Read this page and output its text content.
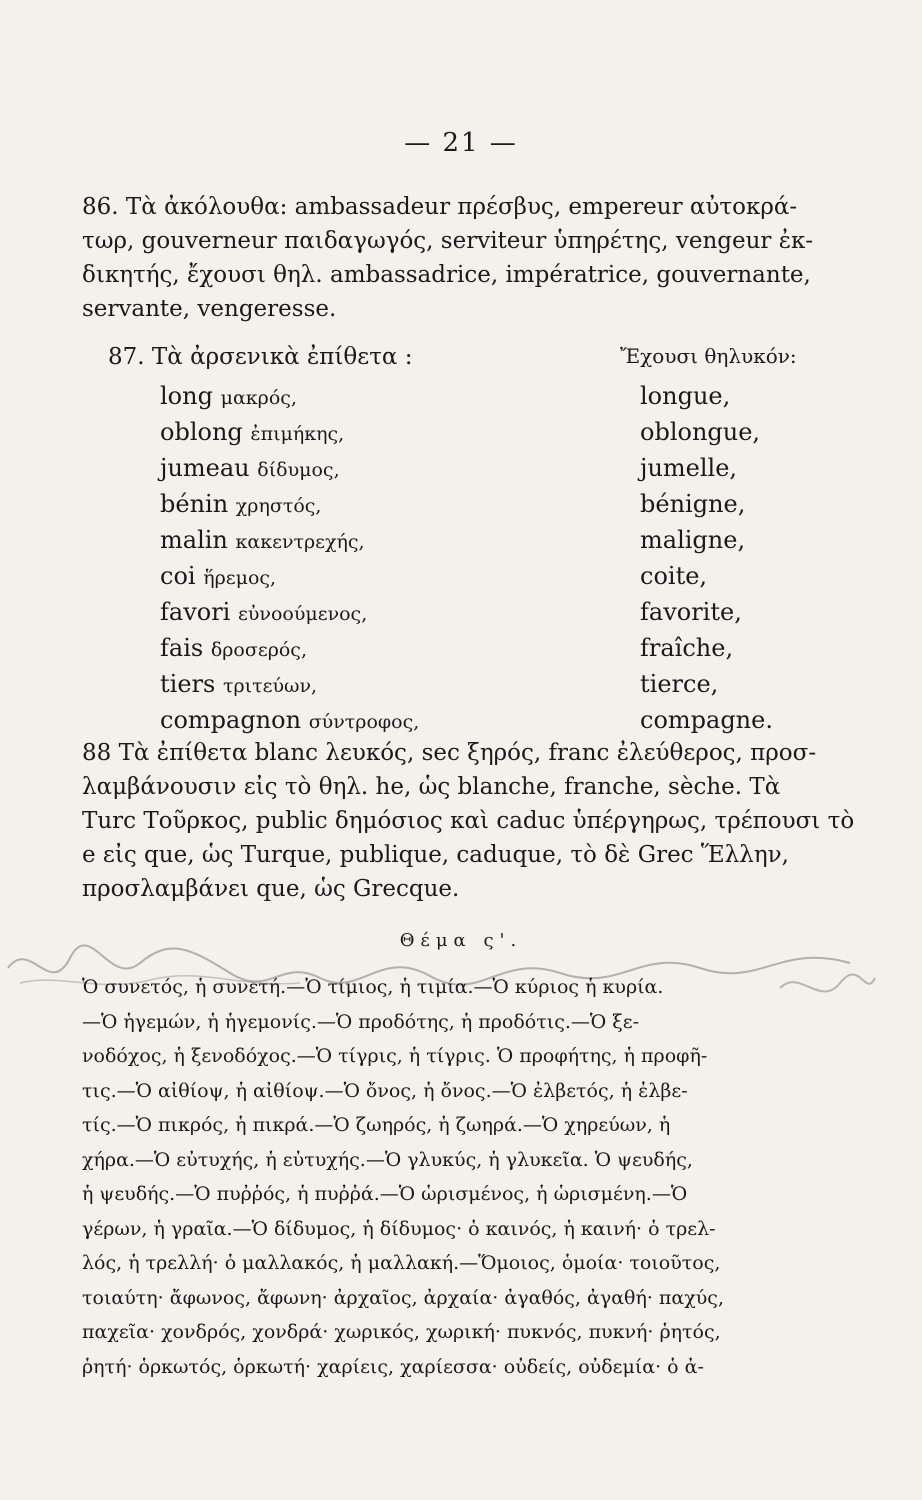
— 21 —
86. Τὰ ἀκόλουθα: ambassadeur πρέσβυς, empereur αὐτοκρά-
τωρ, gouverneur παιδαγωγός, serviteur ὑπηρέτης, vengeur ἐκ-
δικητής, ἔχουσι θηλ. ambassadrice, impératrice, gouvernante,
servante, vengeresse.
87. Τὰ ἀρσενικὰ ἐπίθετα :	Ἔχουσι θηλυκόν:
long μακρός,
oblong ἐπιμήκης,
jumeau δίδυμος,
bénin χρηστός,
malin κακεντρεχής,
coi ἥρεμος,
favori εὐνοούμενος,
fais δροσερός,
tiers τριτεύων,
compagnon σύντροφος,
longue,
oblongue,
jumelle,
bénigne,
maligne,
coite,
favorite,
fraîche,
tierce,
compagne.
88 Τὰ ἐπίθετα blanc λευκός, sec ξηρός, franc ἐλεύθερος, προσ-
λαμβάνουσιν εἰς τὸ θηλ. he, ὡς blanche, franche, sèche. Τὰ
Turc Τοῦρκος, public δημόσιος καὶ caduc ὑπέργηρως, τρέπουσι τὸ
e εἰς que, ὡς Turque, publique, caduque, τὸ δὲ Grec Ἕλλην,
προσλαμβάνει que, ὡς Grecque.
Θέμα ς'.
Ὁ συνετός, ἡ συνετή.—Ὁ τίμιος, ἡ τιμία.—Ὁ κύριος ἡ κυρία.
—Ὁ ἡγεμών, ἡ ἡγεμονίς.—Ὁ προδότης, ἡ προδότις.—Ὁ ξε-
νοδόχος, ἡ ξενοδόχος.—Ὁ τίγρις, ἡ τίγρις. Ὁ προφήτης, ἡ προφῆ-
τις.—Ὁ αἰθίοψ, ἡ αἰθίοψ.—Ὁ ὄνος, ἡ ὄνος.—Ὁ ἐλβετός, ἡ ἐλβε-
τίς.—Ὁ πικρός, ἡ πικρά.—Ὁ ζωηρός, ἡ ζωηρά.—Ὁ χηρεύων, ἡ
χήρα.—Ὁ εὐτυχής, ἡ εὐτυχής.—Ὁ γλυκύς, ἡ γλυκεῖα. Ὁ ψευδής,
ἡ ψευδής.—Ὁ πυῤῥός, ἡ πυῤῥά.—Ὁ ὡρισμένος, ἡ ὡρισμένη.—Ὁ
γέρων, ἡ γραῖα.—Ὁ δίδυμος, ἡ δίδυμος· ὁ καινός, ἡ καινή· ὁ τρελ-
λός, ἡ τρελλή· ὁ μαλλακός, ἡ μαλλακή.—Ὅμοιος, ὁμοία· τοιοῦτος,
τοιαύτη· ἄφωνος, ἄφωνη· ἀρχαῖος, ἀρχαία· ἀγαθός, ἀγαθή· παχύς,
παχεῖα· χονδρός, χονδρά· χωρικός, χωρική· πυκνός, πυκνή· ῥητός,
ῥητή· ὁρκωτός, ὁρκωτή· χαρίεις, χαρίεσσα· οὐδείς, οὐδεμία· ὁ ἀ-
